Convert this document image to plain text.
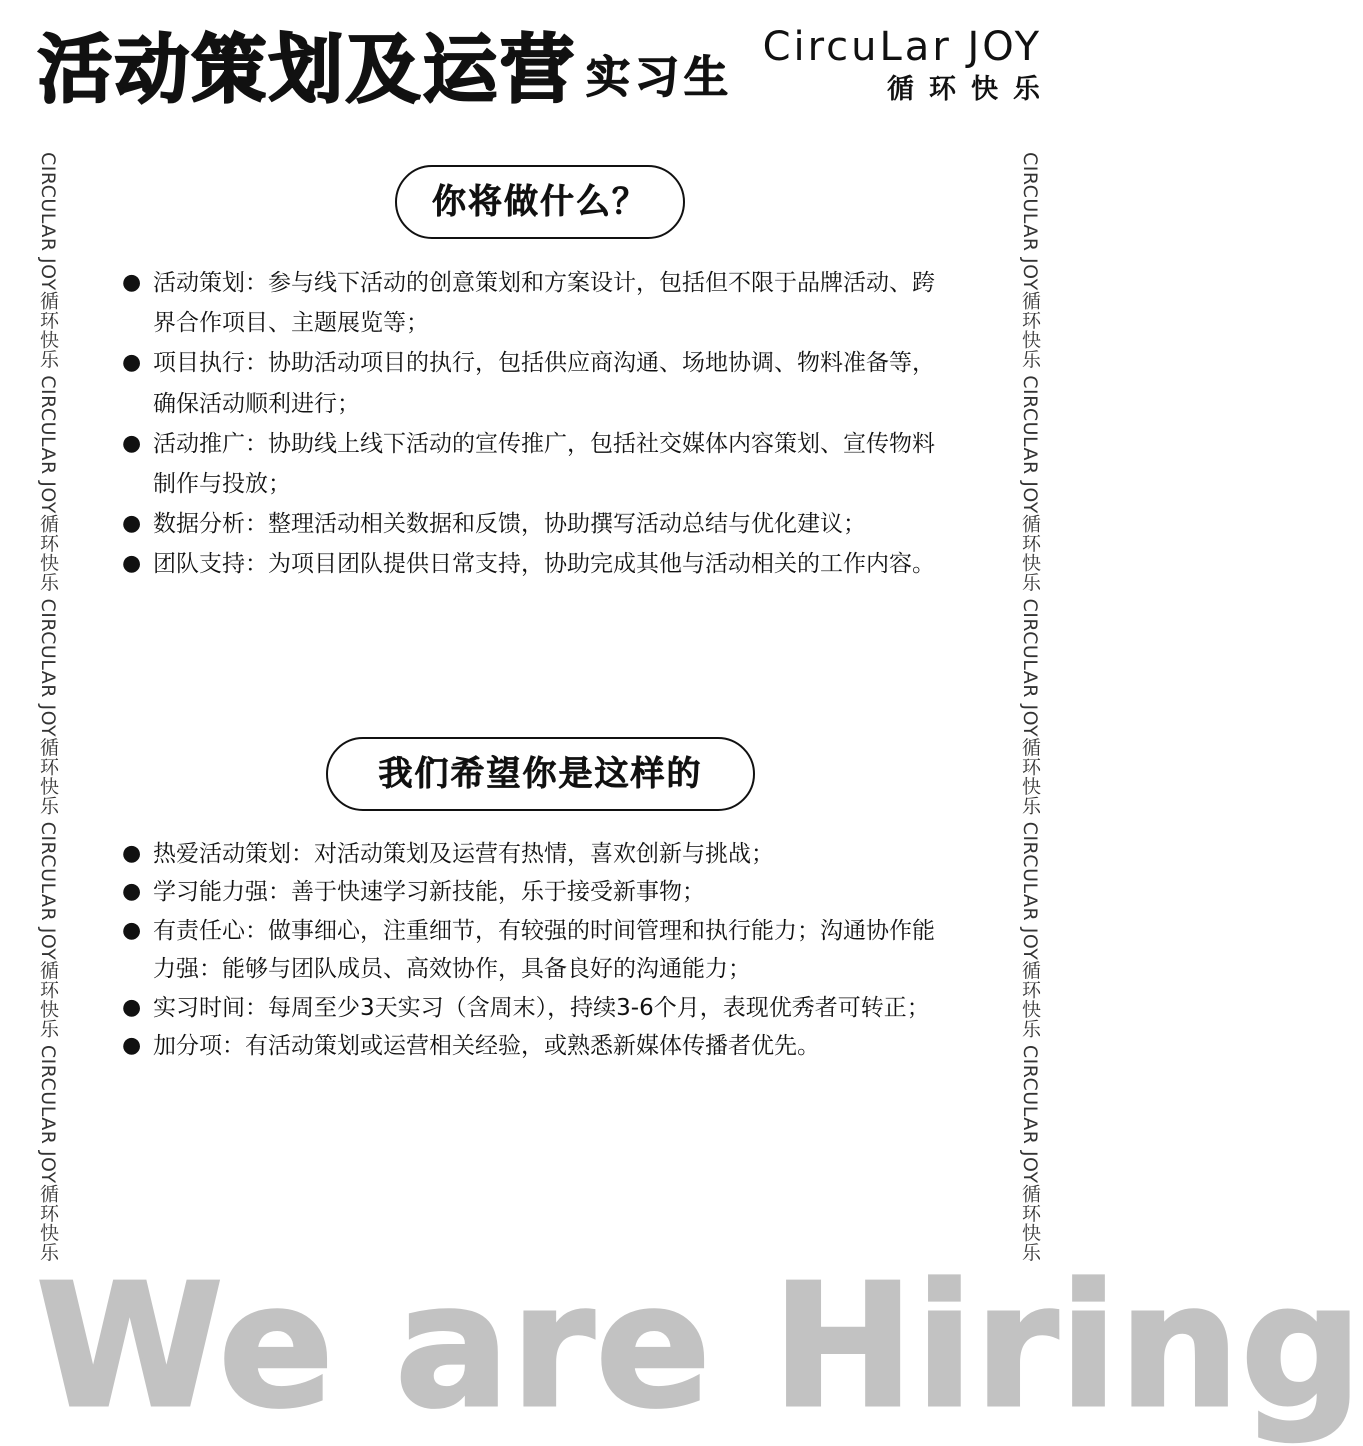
活动策划及运营 实习生
CircuLar JOY
循环快乐
CIRCULAR JOY循环快乐 CIRCULAR JOY循环快乐 CIRCULAR JOY循环快乐 CIRCULAR JOY循环快乐 CIRCULAR JOY循环快乐	CIRCULAR JOY循环快乐 CIRCULAR JOY循环快乐 CIRCULAR JOY循环快乐 CIRCULAR JOY循环快乐 CIRCULAR JOY循环快乐
你将做什么？
● 活动策划：参与线下活动的创意策划和方案设计，包括但不限于品牌活动、跨界合作项目、主题展览等；
● 项目执行：协助活动项目的执行，包括供应商沟通、场地协调、物料准备等，确保活动顺利进行；
● 活动推广：协助线上线下活动的宣传推广，包括社交媒体内容策划、宣传物料制作与投放；
● 数据分析：整理活动相关数据和反馈，协助撰写活动总结与优化建议；
● 团队支持：为项目团队提供日常支持，协助完成其他与活动相关的工作内容。
我们希望你是这样的
● 热爱活动策划：对活动策划及运营有热情，喜欢创新与挑战；
● 学习能力强：善于快速学习新技能，乐于接受新事物；
● 有责任心：做事细心，注重细节，有较强的时间管理和执行能力；沟通协作能力强：能够与团队成员、高效协作，具备良好的沟通能力；
● 实习时间：每周至少3天实习（含周末），持续3-6个月，表现优秀者可转正；
● 加分项：有活动策划或运营相关经验，或熟悉新媒体传播者优先。
We are Hiring
